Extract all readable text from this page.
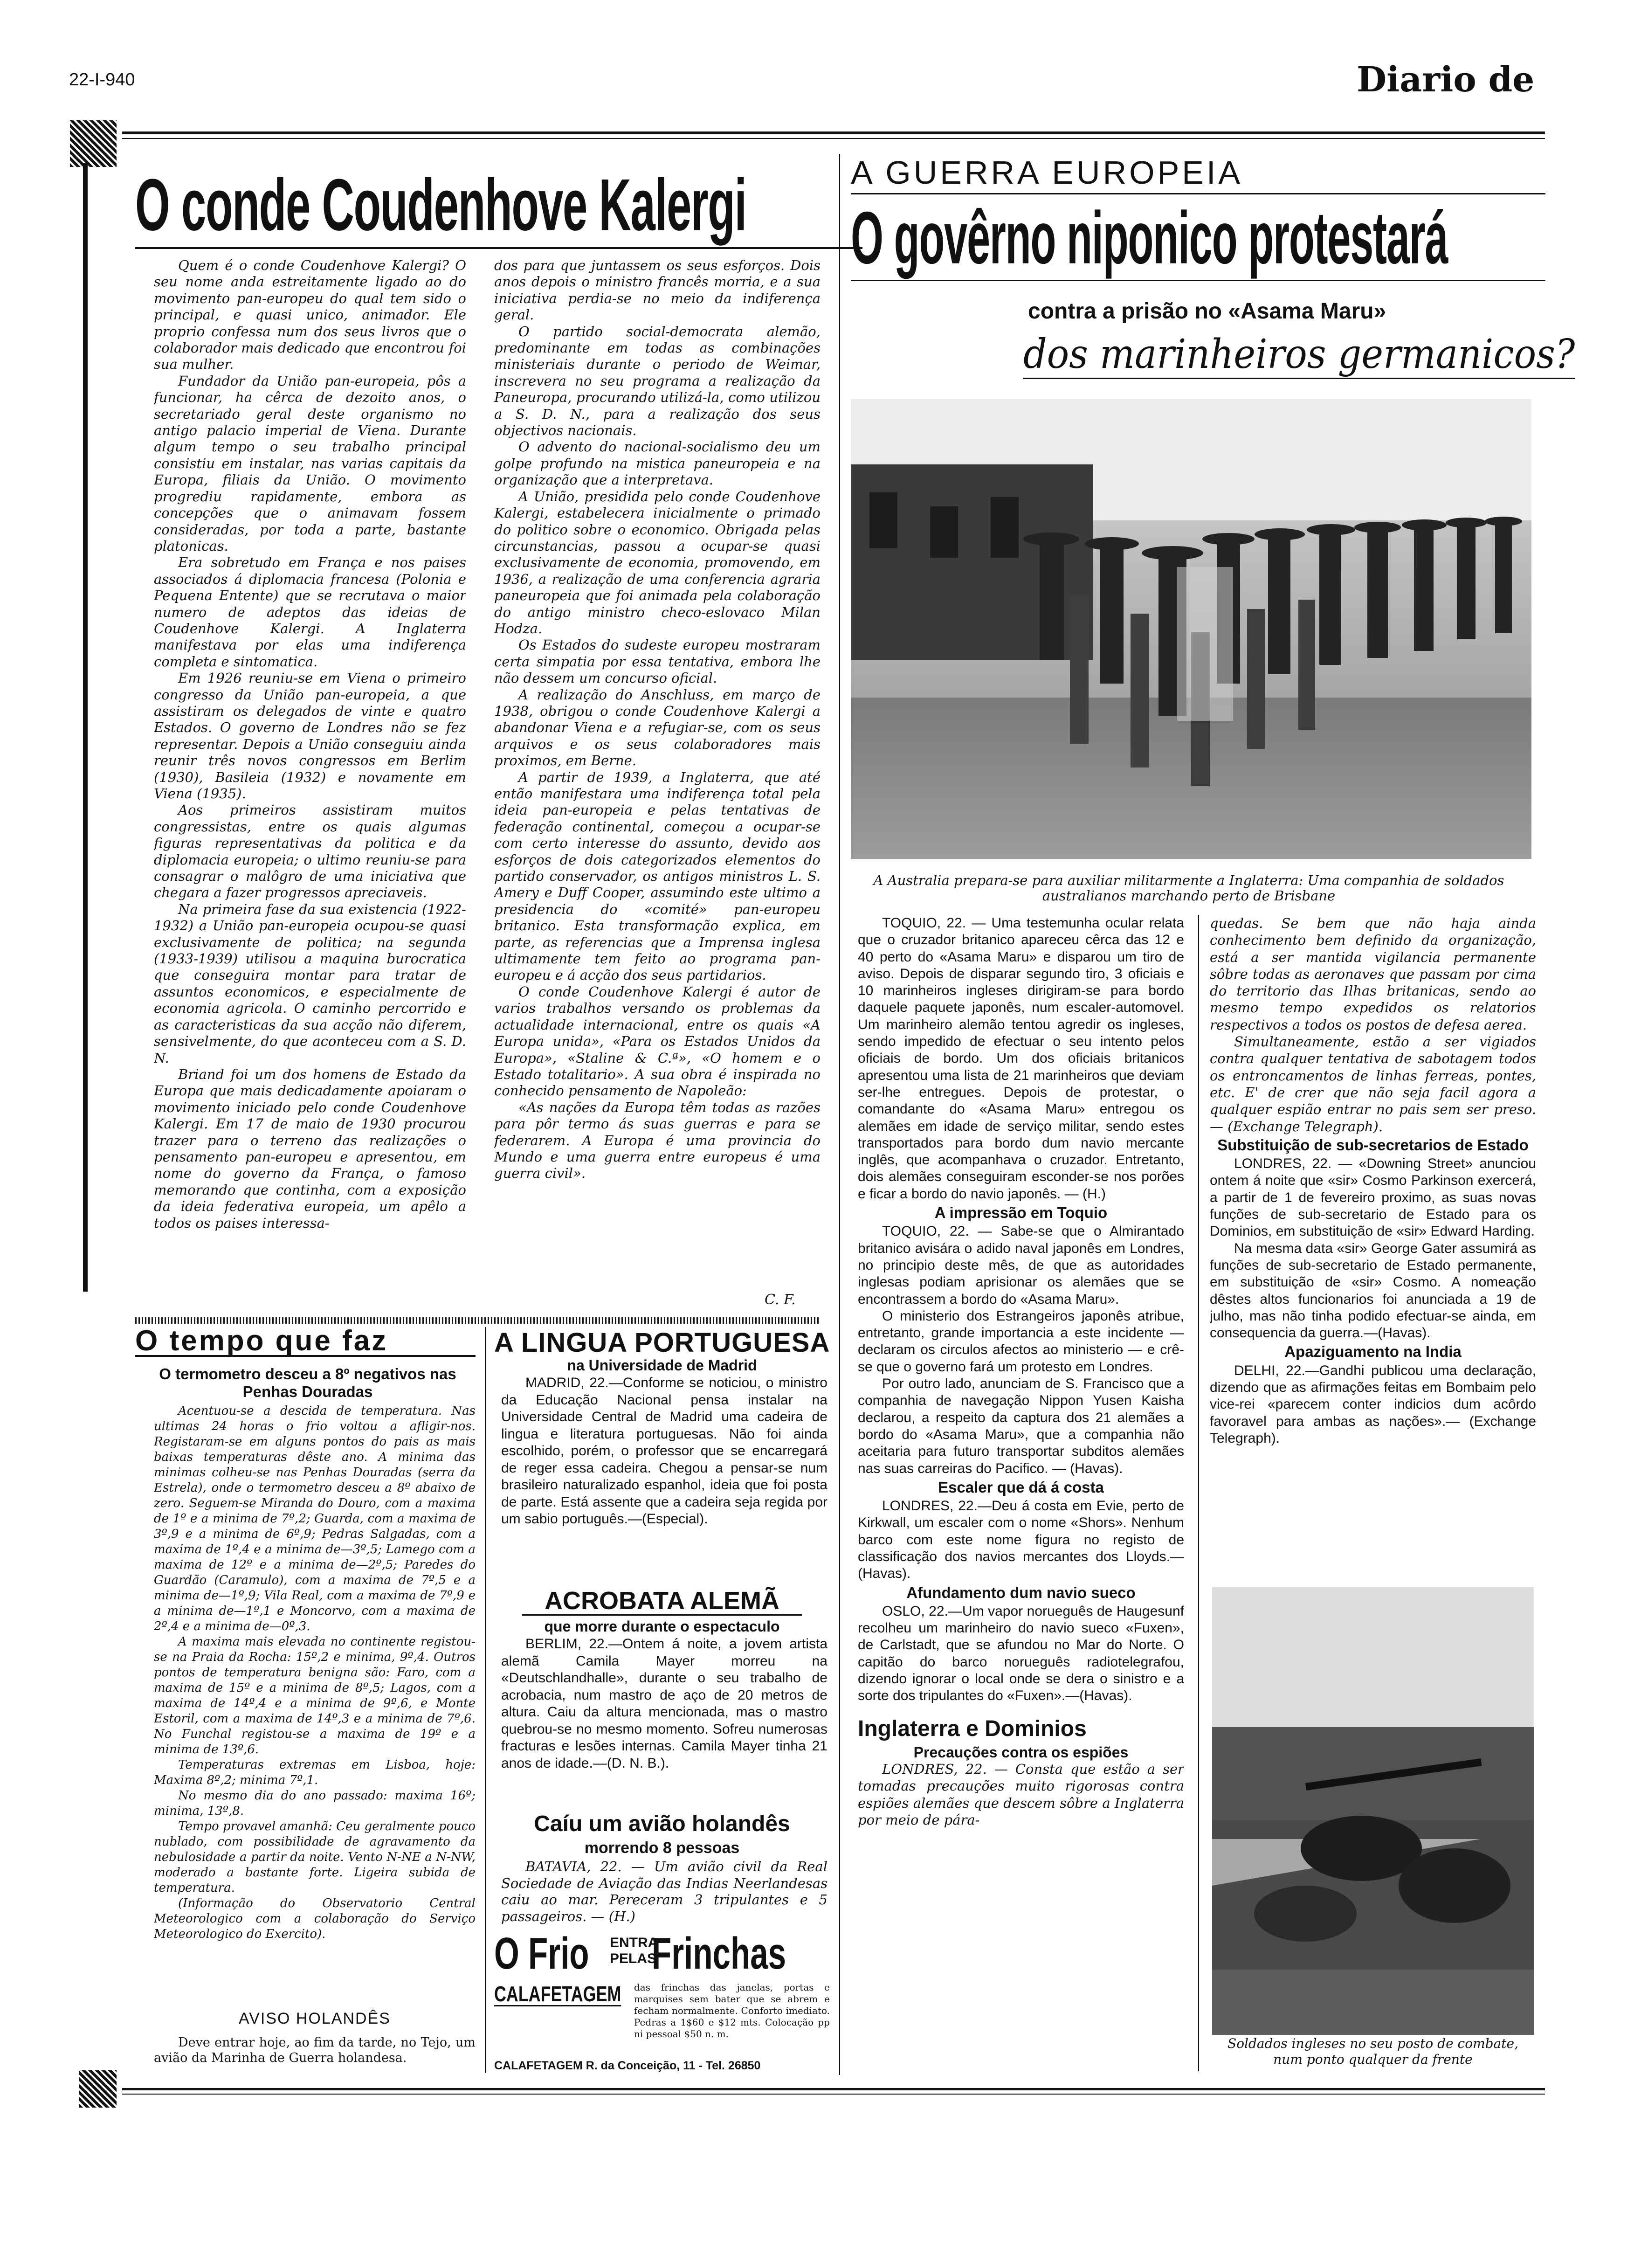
22-I-940	Diario de
O conde Coudenhove Kalergi

Quem é o conde Coudenhove Kalergi? O seu nome anda estreitamente ligado ao do movimento pan-europeu do qual tem sido o principal, e quasi unico, animador. Ele proprio confessa num dos seus livros que o colaborador mais dedicado que encontrou foi sua mulher.

Fundador da União pan-europeia, pôs a funcionar, ha cêrca de dezoito anos, o secretariado geral deste organismo no antigo palacio imperial de Viena. Durante algum tempo o seu trabalho principal consistiu em instalar, nas varias capitais da Europa, filiais da União. O movimento progrediu rapidamente, embora as concepções que o animavam fossem consideradas, por toda a parte, bastante platonicas.

Era sobretudo em França e nos paises associados á diplomacia francesa (Polonia e Pequena Entente) que se recrutava o maior numero de adeptos das ideias de Coudenhove Kalergi. A Inglaterra manifestava por elas uma indiferença completa e sintomatica.

Em 1926 reuniu-se em Viena o primeiro congresso da União pan-europeia, a que assistiram os delegados de vinte e quatro Estados. O governo de Londres não se fez representar. Depois a União conseguiu ainda reunir três novos congressos em Berlim (1930), Basileia (1932) e novamente em Viena (1935).

Aos primeiros assistiram muitos congressistas, entre os quais algumas figuras representativas da politica e da diplomacia europeia; o ultimo reuniu-se para consagrar o malôgro de uma iniciativa que chegara a fazer progressos apreciaveis.

Na primeira fase da sua existencia (1922-1932) a União pan-europeia ocupou-se quasi exclusivamente de politica; na segunda (1933-1939) utilisou a maquina burocratica que conseguira montar para tratar de assuntos economicos, e especialmente de economia agricola. O caminho percorrido e as caracteristicas da sua acção não diferem, sensivelmente, do que aconteceu com a S. D. N.

Briand foi um dos homens de Estado da Europa que mais dedicadamente apoiaram o movimento iniciado pelo conde Coudenhove Kalergi. Em 17 de maio de 1930 procurou trazer para o terreno das realizações o pensamento pan-europeu e apresentou, em nome do governo da França, o famoso memorando que continha, com a exposição da ideia federativa europeia, um apêlo a todos os paises interessa-

dos para que juntassem os seus esforços. Dois anos depois o ministro francês morria, e a sua iniciativa perdia-se no meio da indiferença geral.

O partido social-democrata alemão, predominante em todas as combinações ministeriais durante o periodo de Weimar, inscrevera no seu programa a realização da Paneuropa, procurando utilizá-la, como utilizou a S. D. N., para a realização dos seus objectivos nacionais.

O advento do nacional-socialismo deu um golpe profundo na mistica paneuropeia e na organização que a interpretava.

A União, presidida pelo conde Coudenhove Kalergi, estabelecera inicialmente o primado do politico sobre o economico. Obrigada pelas circunstancias, passou a ocupar-se quasi exclusivamente de economia, promovendo, em 1936, a realização de uma conferencia agraria paneuropeia que foi animada pela colaboração do antigo ministro checo-eslovaco Milan Hodza.

Os Estados do sudeste europeu mostraram certa simpatia por essa tentativa, embora lhe não dessem um concurso oficial.

A realização do Anschluss, em março de 1938, obrigou o conde Coudenhove Kalergi a abandonar Viena e a refugiar-se, com os seus arquivos e os seus colaboradores mais proximos, em Berne.

A partir de 1939, a Inglaterra, que até então manifestara uma indiferença total pela ideia pan-europeia e pelas tentativas de federação continental, começou a ocupar-se com certo interesse do assunto, devido aos esforços de dois categorizados elementos do partido conservador, os antigos ministros L. S. Amery e Duff Cooper, assumindo este ultimo a presidencia do «comité» pan-europeu britanico. Esta transformação explica, em parte, as referencias que a Imprensa inglesa ultimamente tem feito ao programa pan-europeu e á acção dos seus partidarios.

O conde Coudenhove Kalergi é autor de varios trabalhos versando os problemas da actualidade internacional, entre os quais «A Europa unida», «Para os Estados Unidos da Europa», «Staline & C.ª», «O homem e o Estado totalitario». A sua obra é inspirada no conhecido pensamento de Napoleão:

«As nações da Europa têm todas as razões para pôr termo ás suas guerras e para se federarem. A Europa é uma provincia do Mundo e uma guerra entre europeus é uma guerra civil».

C. F.
O tempo que faz
O termometro desceu a 8º negativos nas Penhas Douradas

Acentuou-se a descida de temperatura. Nas ultimas 24 horas o frio voltou a afligir-nos. Registaram-se em alguns pontos do pais as mais baixas temperaturas dêste ano. A minima das minimas colheu-se nas Penhas Douradas (serra da Estrela), onde o termometro desceu a 8º abaixo de zero. Seguem-se Miranda do Douro, com a maxima de 1º e a minima de 7º,2; Guarda, com a maxima de 3º,9 e a minima de 6º,9; Pedras Salgadas, com a maxima de 1º,4 e a minima de—3º,5; Lamego com a maxima de 12º e a minima de—2º,5; Paredes do Guardão (Caramulo), com a maxima de 7º,5 e a minima de—1º,9; Vila Real, com a maxima de 7º,9 e a minima de—1º,1 e Moncorvo, com a maxima de 2º,4 e a minima de—0º,3.

A maxima mais elevada no continente registou-se na Praia da Rocha: 15º,2 e minima, 9º,4. Outros pontos de temperatura benigna são: Faro, com a maxima de 15º e a minima de 8º,5; Lagos, com a maxima de 14º,4 e a minima de 9º,6, e Monte Estoril, com a maxima de 14º,3 e a minima de 7º,6. No Funchal registou-se a maxima de 19º e a minima de 13º,6.

Temperaturas extremas em Lisboa, hoje: Maxima 8º,2; minima 7º,1.

No mesmo dia do ano passado: maxima 16º; minima, 13º,8.

Tempo provavel amanhã: Ceu geralmente pouco nublado, com possibilidade de agravamento da nebulosidade a partir da noite. Vento N-NE a N-NW, moderado a bastante forte. Ligeira subida de temperatura.

(Informação do Observatorio Central Meteorologico com a colaboração do Serviço Meteorologico do Exercito).

AVISO HOLANDÊS

Deve entrar hoje, ao fim da tarde, no Tejo, um avião da Marinha de Guerra holandesa.

A LINGUA PORTUGUESA
na Universidade de Madrid

MADRID, 22.—Conforme se noticiou, o ministro da Educação Nacional pensa instalar na Universidade Central de Madrid uma cadeira de lingua e literatura portuguesas. Não foi ainda escolhido, porém, o professor que se encarregará de reger essa cadeira. Chegou a pensar-se num brasileiro naturalizado espanhol, ideia que foi posta de parte. Está assente que a cadeira seja regida por um sabio português.—(Especial).

ACROBATA ALEMÃ
que morre durante o espectaculo

BERLIM, 22.—Ontem á noite, a jovem artista alemã Camila Mayer morreu na «Deutschlandhalle», durante o seu trabalho de acrobacia, num mastro de aço de 20 metros de altura. Caiu da altura mencionada, mas o mastro quebrou-se no mesmo momento. Sofreu numerosas fracturas e lesões internas. Camila Mayer tinha 21 anos de idade.—(D. N. B.).

Caíu um avião holandês
morrendo 8 pessoas

BATAVIA, 22. — Um avião civil da Real Sociedade de Aviação das Indias Neerlandesas caiu ao mar. Pereceram 3 tripulantes e 5 passageiros. — (H.)

O Frio	ENTRA
PELAS
Frinchas
CALAFETAGEM das frinchas das janelas, portas e marquises sem bater que se abrem e fecham normalmente. Conforto imediato. Pedras a 1$60 e $12 mts. Colocação pp ni pessoal $50 n. m.
CALAFETAGEM R. da Conceição, 11 - Tel. 26850
A GUERRA EUROPEIA
O govêrno niponico protestará
contra a prisão no «Asama Maru»
dos marinheiros germanicos?
A Australia prepara-se para auxiliar militarmente a Inglaterra: Uma companhia de soldados australianos marchando perto de Brisbane

TOQUIO, 22. — Uma testemunha ocular relata que o cruzador britanico apareceu cêrca das 12 e 40 perto do «Asama Maru» e disparou um tiro de aviso. Depois de disparar segundo tiro, 3 oficiais e 10 marinheiros ingleses dirigiram-se para bordo daquele paquete japonês, num escaler-automovel. Um marinheiro alemão tentou agredir os ingleses, sendo impedido de efectuar o seu intento pelos oficiais de bordo. Um dos oficiais britanicos apresentou uma lista de 21 marinheiros que deviam ser-lhe entregues. Depois de protestar, o comandante do «Asama Maru» entregou os alemães em idade de serviço militar, sendo estes transportados para bordo dum navio mercante inglês, que acompanhava o cruzador. Entretanto, dois alemães conseguiram esconder-se nos porões e ficar a bordo do navio japonês. — (H.)

A impressão em Toquio

TOQUIO, 22. — Sabe-se que o Almirantado britanico avisára o adido naval japonês em Londres, no principio deste mês, de que as autoridades inglesas podiam aprisionar os alemães que se encontrassem a bordo do «Asama Maru».

O ministerio dos Estrangeiros japonês atribue, entretanto, grande importancia a este incidente — declaram os circulos afectos ao ministerio — e crê-se que o governo fará um protesto em Londres.

Por outro lado, anunciam de S. Francisco que a companhia de navegação Nippon Yusen Kaisha declarou, a respeito da captura dos 21 alemães a bordo do «Asama Maru», que a companhia não aceitaria para futuro transportar subditos alemães nas suas carreiras do Pacifico. — (Havas).

Escaler que dá á costa

LONDRES, 22.—Deu á costa em Evie, perto de Kirkwall, um escaler com o nome «Shors». Nenhum barco com este nome figura no registo de classificação dos navios mercantes dos Lloyds.—(Havas).

Afundamento dum navio sueco

OSLO, 22.—Um vapor norueguês de Haugesunf recolheu um marinheiro do navio sueco «Fuxen», de Carlstadt, que se afundou no Mar do Norte. O capitão do barco norueguês radiotelegrafou, dizendo ignorar o local onde se dera o sinistro e a sorte dos tripulantes do «Fuxen».—(Havas).

Inglaterra e Dominios
Precauções contra os espiões

LONDRES, 22. — Consta que estão a ser tomadas precauções muito rigorosas contra espiões alemães que descem sôbre a Inglaterra por meio de pára-

quedas. Se bem que não haja ainda conhecimento bem definido da organização, está a ser mantida vigilancia permanente sôbre todas as aeronaves que passam por cima do territorio das Ilhas britanicas, sendo ao mesmo tempo expedidos os relatorios respectivos a todos os postos de defesa aerea.

Simultaneamente, estão a ser vigiados contra qualquer tentativa de sabotagem todos os entroncamentos de linhas ferreas, pontes, etc. E' de crer que não seja facil agora a qualquer espião entrar no pais sem ser preso. — (Exchange Telegraph).

Substituição de sub-secretarios de Estado

LONDRES, 22. — «Downing Street» anunciou ontem á noite que «sir» Cosmo Parkinson exercerá, a partir de 1 de fevereiro proximo, as suas novas funções de sub-secretario de Estado para os Dominios, em substituição de «sir» Edward Harding.

Na mesma data «sir» George Gater assumirá as funções de sub-secretario de Estado permanente, em substituição de «sir» Cosmo. A nomeação dêstes altos funcionarios foi anunciada a 19 de julho, mas não tinha podido efectuar-se ainda, em consequencia da guerra.—(Havas).

Apaziguamento na India

DELHI, 22.—Gandhi publicou uma declaração, dizendo que as afirmações feitas em Bombaim pelo vice-rei «parecem conter indicios dum acôrdo favoravel para ambas as nações».— (Exchange Telegraph).

Soldados ingleses no seu posto de combate, num ponto qualquer da frente
